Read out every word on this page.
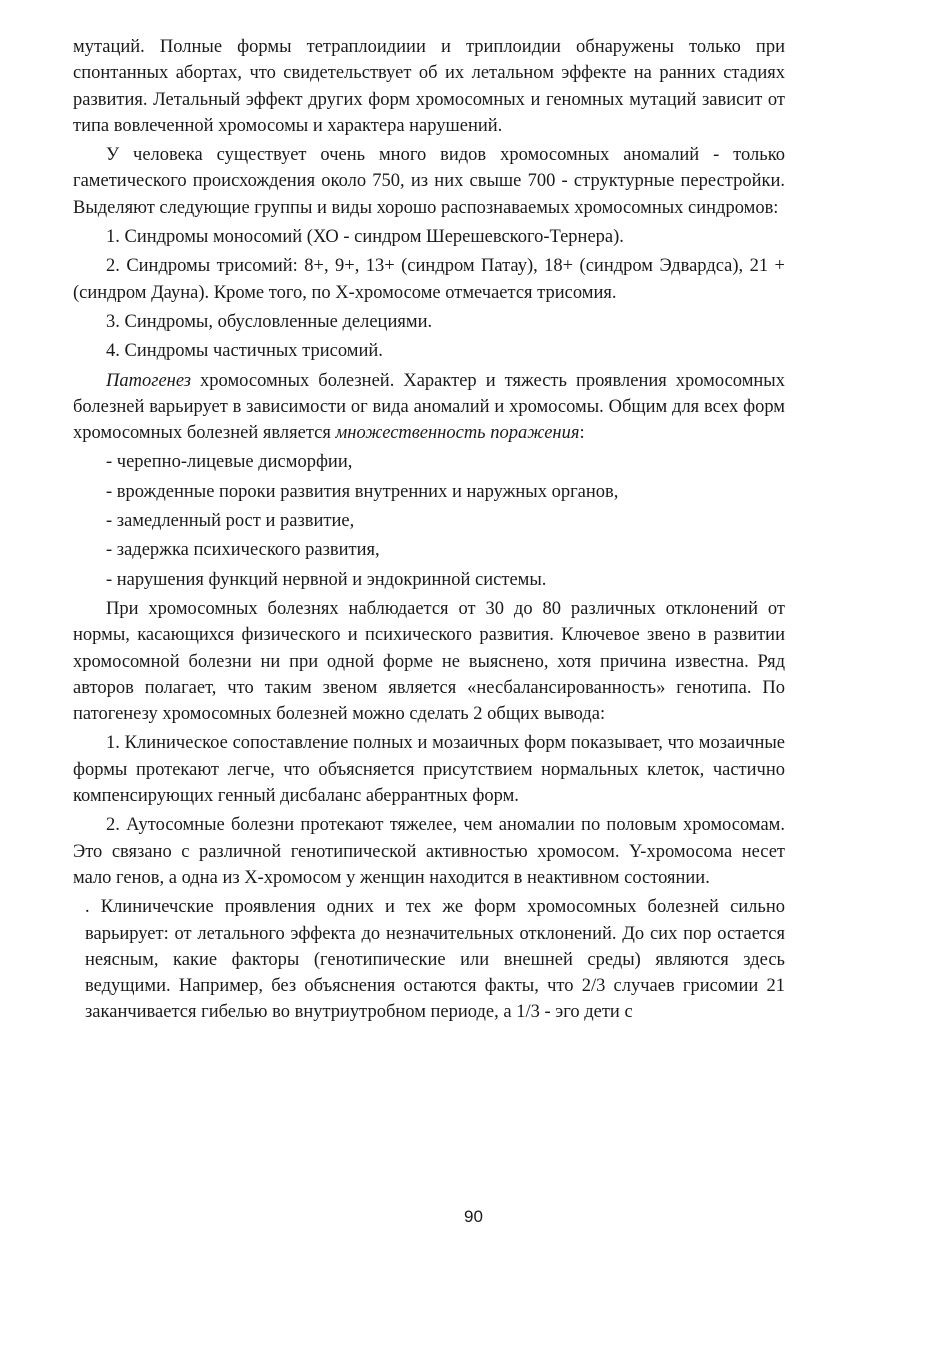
мутаций. Полные формы тетраплоидиии и триплоидии обнаружены только при спонтанных абортах, что свидетельствует об их летальном эффекте на ранних стадиях развития. Летальный эффект других форм хромосомных и геномных мутаций зависит от типа вовлеченной хромосомы и характера нарушений.

У человека существует очень много видов хромосомных аномалий - только гаметического происхождения около 750, из них свыше 700 - структурные перестройки. Выделяют следующие группы и виды хорошо распознаваемых хромосомных синдромов:

1. Синдромы моносомий (ХО - синдром Шерешевского-Тернера).

2. Синдромы трисомий: 8+, 9+, 13+ (синдром Патау), 18+ (синдром Эдвардса), 21 + (синдром Дауна). Кроме того, по Х-хромосоме отмечается трисомия.

3. Синдромы, обусловленные делециями.

4. Синдромы частичных трисомий.

Патогенез хромосомных болезней. Характер и тяжесть проявления хромосомных болезней варьирует в зависимости ог вида аномалий и хромосомы. Общим для всех форм хромосомных болезней является множественность поражения:

- черепно-лицевые дисморфии,

- врожденные пороки развития внутренних и наружных органов,

- замедленный рост и развитие,

- задержка психического развития,

- нарушения функций нервной и эндокринной системы.

При хромосомных болезнях наблюдается от 30 до 80 различных отклонений от нормы, касающихся физического и психического развития. Ключевое звено в развитии хромосомной болезни ни при одной форме не выяснено, хотя причина известна. Ряд авторов полагает, что таким звеном является «несбалансированность» генотипа. По патогенезу хромосомных болезней можно сделать 2 общих вывода:

1. Клиническое сопоставление полных и мозаичных форм показывает, что мозаичные формы протекают легче, что объясняется присутствием нормальных клеток, частично компенсирующих генный дисбаланс аберрантных форм.

2. Аутосомные болезни протекают тяжелее, чем аномалии по половым хромосомам. Это связано с различной генотипической активностью хромосом. Y-хромосома несет мало генов, а одна из Х-хромосом у женщин находится в неактивном состоянии.

. Клиничечские проявления одних и тех же форм хромосомных болезней сильно варьирует: от летального эффекта до незначительных отклонений. До сих пор остается неясным, какие факторы (генотипические или внешней среды) являются здесь ведущими. Например, без объяснения остаются факты, что 2/3 случаев грисомии 21 заканчивается гибелью во внутриутробном периоде, а 1/3 - эго дети с

90
